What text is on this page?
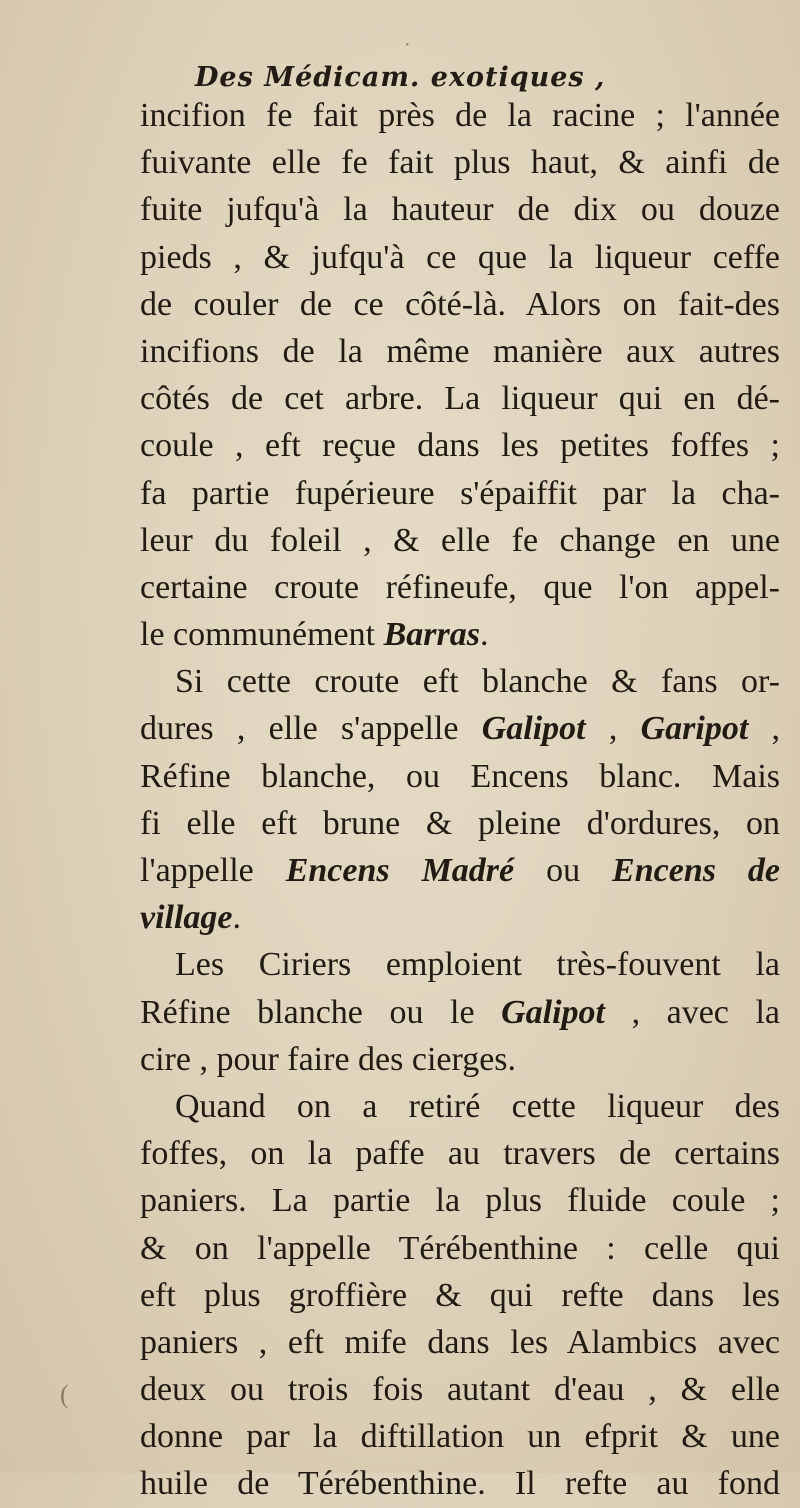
Des Médicam. exotiques ,
incifion fe fait près de la racine ; l'année
fuivante elle fe fait plus haut, & ainfi de
fuite jufqu'à la hauteur de dix ou douze
pieds , & jufqu'à ce que la liqueur ceffe
de couler de ce côté-là. Alors on fait-des
incifions de la même manière aux autres
côtés de cet arbre. La liqueur qui en dé-
coule , eft reçue dans les petites foffes ;
fa partie fupérieure s'épaiffit par la cha-
leur du foleil , & elle fe change en une
certaine croute réfineufe, que l'on appel-
le communément Barras.
Si cette croute eft blanche & fans or-
dures , elle s'appelle Galipot , Garipot ,
Réfine blanche, ou Encens blanc. Mais
fi elle eft brune & pleine d'ordures, on
l'appelle Encens Madré ou Encens de
village.
Les Ciriers emploient très-fouvent la
Réfine blanche ou le Galipot , avec la
cire , pour faire des cierges.
Quand on a retiré cette liqueur des
foffes, on la paffe au travers de certains
paniers. La partie la plus fluide coule ;
& on l'appelle Térébenthine : celle qui
eft plus groffière & qui refte dans les
paniers , eft mife dans les Alambics avec
deux ou trois fois autant d'eau , & elle
donne par la diftillation un efprit & une
huile de Térébenthine. Il refte au fond
·
(
